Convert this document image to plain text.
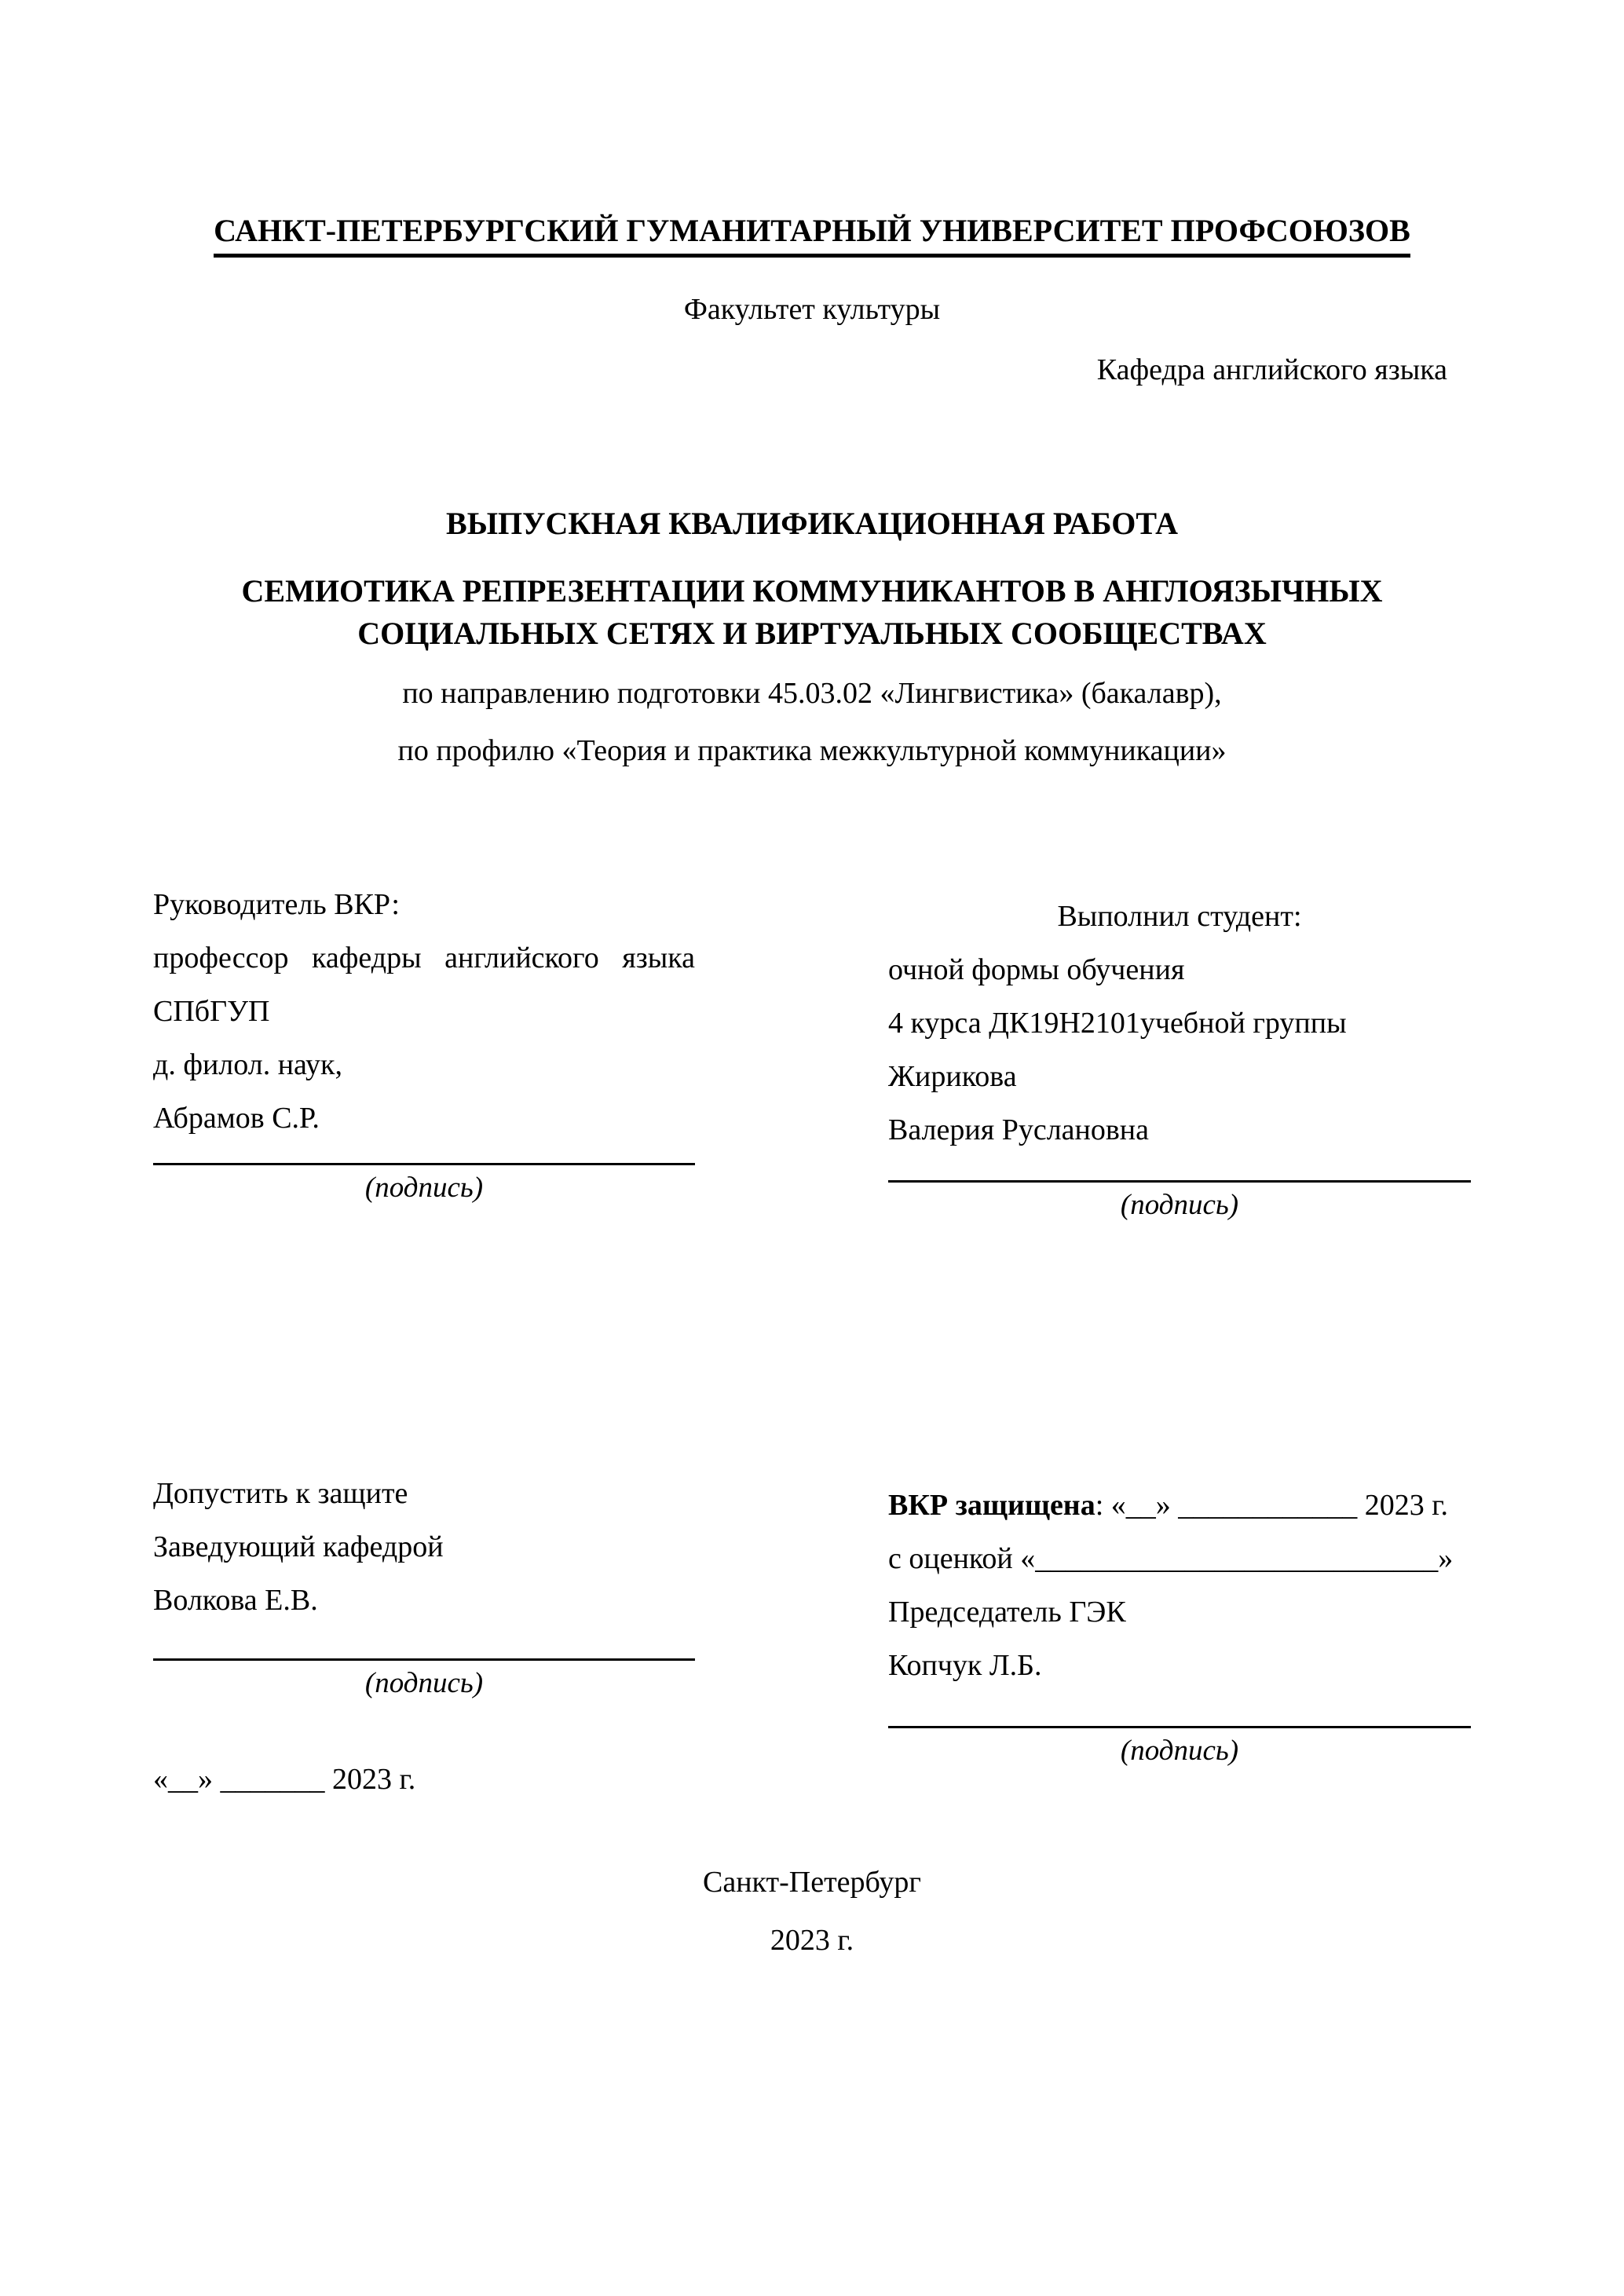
САНКТ-ПЕТЕРБУРГСКИЙ ГУМАНИТАРНЫЙ УНИВЕРСИТЕТ ПРОФСОЮЗОВ
Факультет культуры
Кафедра английского языка
ВЫПУСКНАЯ КВАЛИФИКАЦИОННАЯ РАБОТА
СЕМИОТИКА РЕПРЕЗЕНТАЦИИ КОММУНИКАНТОВ В АНГЛОЯЗЫЧНЫХ
СОЦИАЛЬНЫХ СЕТЯХ И ВИРТУАЛЬНЫХ СООБЩЕСТВАХ
по направлению подготовки 45.03.02 «Лингвистика» (бакалавр),
по профилю «Теория и практика межкультурной коммуникации»

Руководитель ВКР:

профессор кафедры английского языка

СПбГУП

д. филол. наук,

Абрамов С.Р.

(подпись)

Выполнил студент:

очной формы обучения

4 курса ДК19Н2101учебной группы

Жирикова

Валерия Руслановна

(подпись)

Допустить к защите

Заведующий кафедрой

Волкова Е.В.

(подпись)

«__» _______ 2023 г.

ВКР защищена: «__» ____________ 2023 г.

с оценкой «___________________________»

Председатель ГЭК

Копчук Л.Б.

(подпись)

Санкт-Петербург
2023 г.
